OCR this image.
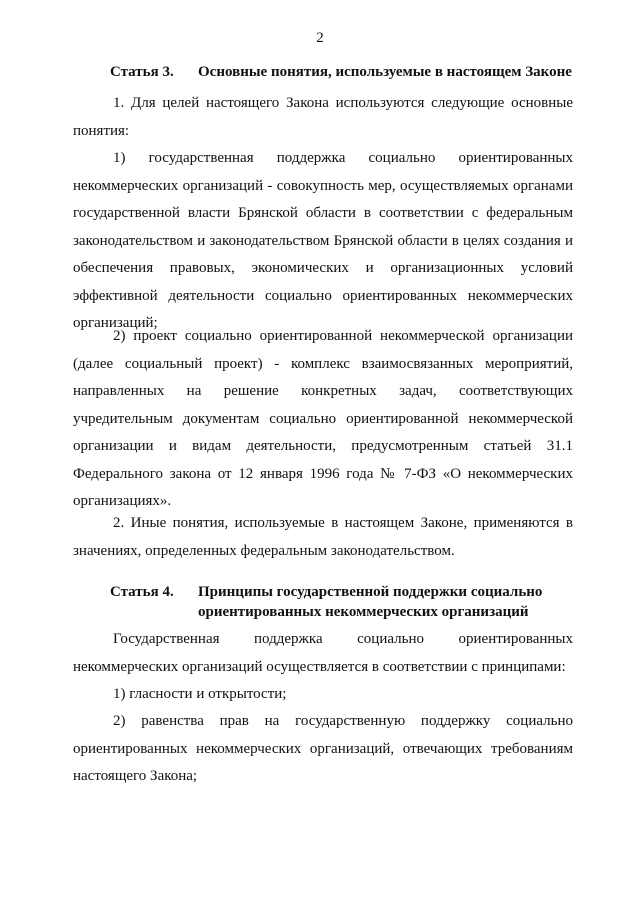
2
Статья 3. Основные понятия, используемые в настоящем Законе
1. Для целей настоящего Закона используются следующие основные понятия:
1) государственная поддержка социально ориентированных некоммерческих организаций - совокупность мер, осуществляемых органами государственной власти Брянской области в соответствии с федеральным законодательством и законодательством Брянской области в целях создания и обеспечения правовых, экономических и организационных условий эффективной деятельности социально ориентированных некоммерческих организаций;
2) проект социально ориентированной некоммерческой организации (далее социальный проект) - комплекс взаимосвязанных мероприятий, направленных на решение конкретных задач, соответствующих учредительным документам социально ориентированной некоммерческой организации и видам деятельности, предусмотренным статьей 31.1 Федерального закона от 12 января 1996 года № 7-ФЗ «О некоммерческих организациях».
2. Иные понятия, используемые в настоящем Законе, применяются в значениях, определенных федеральным законодательством.
Статья 4. Принципы государственной поддержки социально
ориентированных некоммерческих организаций
Государственная поддержка социально ориентированных некоммерческих организаций осуществляется в соответствии с принципами:
1) гласности и открытости;
2) равенства прав на государственную поддержку социально ориентированных некоммерческих организаций, отвечающих требованиям настоящего Закона;
